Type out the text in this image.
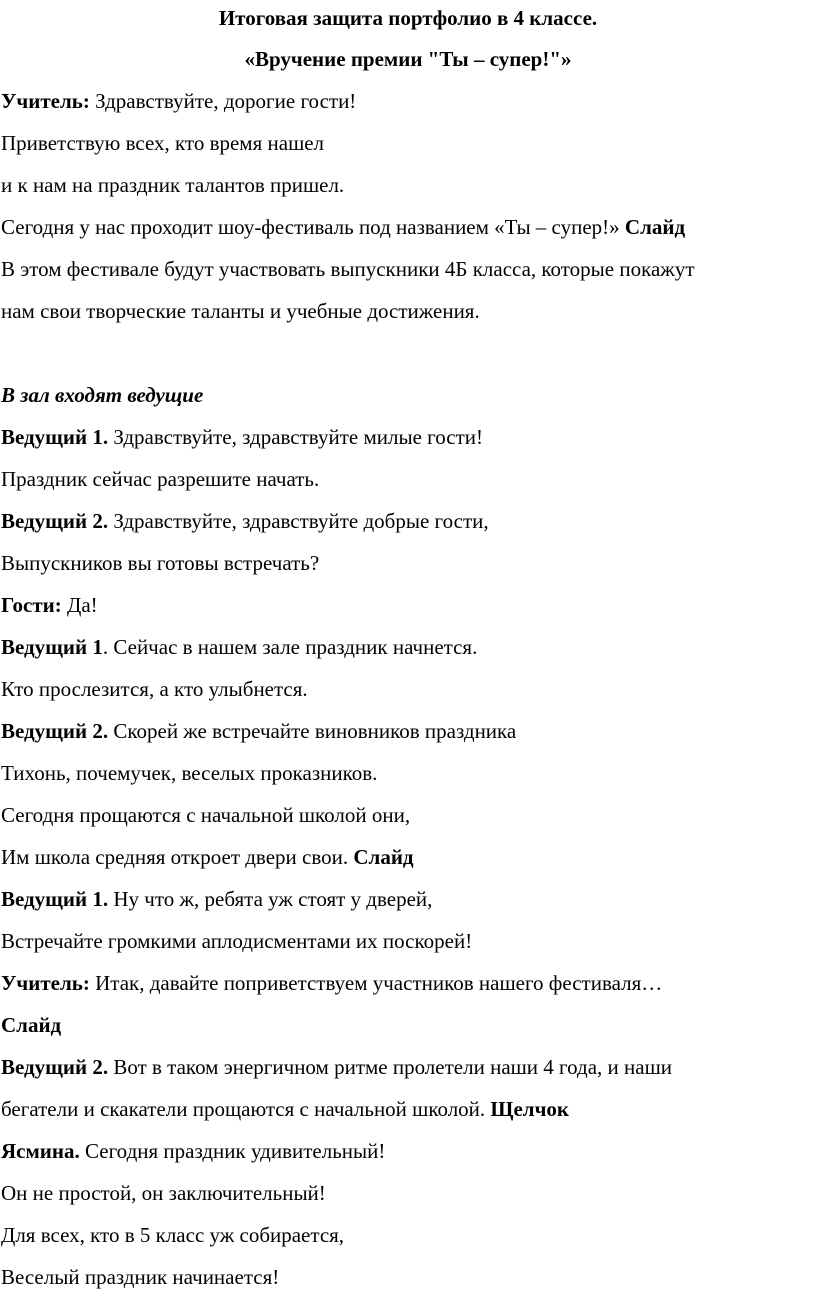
Итоговая защита портфолио в 4 классе.
«Вручение премии "Ты – супер!"»
Учитель: Здравствуйте, дорогие гости!
Приветствую всех, кто время нашел
и к нам на праздник талантов пришел.
Сегодня у нас проходит шоу-фестиваль под названием «Ты – супер!» Слайд
В этом фестивале будут участвовать выпускники 4Б класса, которые покажут
нам свои творческие таланты и учебные достижения.
В зал входят ведущие
Ведущий 1. Здравствуйте, здравствуйте милые гости!
Праздник сейчас разрешите начать.
Ведущий 2. Здравствуйте, здравствуйте добрые гости,
Выпускников вы готовы встречать?
Гости: Да!
Ведущий 1. Сейчас в нашем зале праздник начнется.
Кто прослезится, а кто улыбнется.
Ведущий 2. Скорей же встречайте виновников праздника
Тихонь, почемучек, веселых проказников.
Сегодня прощаются с начальной школой они,
Им школа средняя откроет двери свои. Слайд
Ведущий 1. Ну что ж, ребята уж стоят у дверей,
Встречайте громкими аплодисментами их поскорей!
Учитель: Итак, давайте поприветствуем участников нашего фестиваля…
Слайд
Ведущий 2. Вот в таком энергичном ритме пролетели наши 4 года, и наши
бегатели и скакатели прощаются с начальной школой. Щелчок
Ясмина. Сегодня праздник удивительный!
Он не простой, он заключительный!
Для всех, кто в 5 класс уж собирается,
Веселый праздник начинается!
